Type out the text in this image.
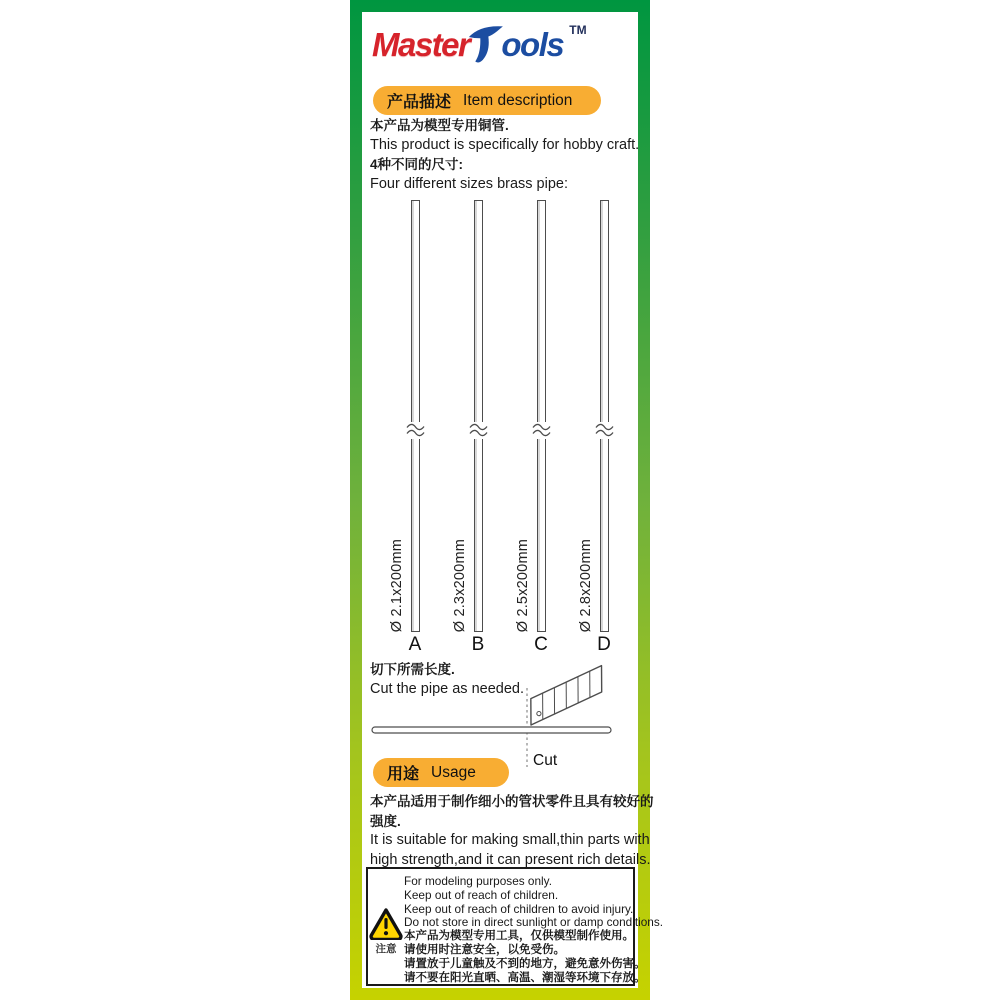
Master ools ™
产品描述 Item description
本产品为模型专用铜管.
This product is specifically for hobby craft.
4种不同的尺寸:
Four different sizes brass pipe:
Ø 2.1x200mm
A
Ø 2.3x200mm
B
Ø 2.5x200mm
C
Ø 2.8x200mm
D
Cut
切下所需长度.
Cut the pipe as needed.
用途 Usage
本产品适用于制作细小的管状零件且具有较好的
强度.
It is suitable for making small,thin parts with
high strength,and it can present rich details.
注意
For modeling purposes only.
Keep out of reach of children.
Keep out of reach of children to avoid injury.
Do not store in direct sunlight or damp conditions.
本产品为模型专用工具，仅供模型制作使用。
请使用时注意安全，以免受伤。
请置放于儿童触及不到的地方，避免意外伤害。
请不要在阳光直晒、高温、潮湿等环境下存放。
